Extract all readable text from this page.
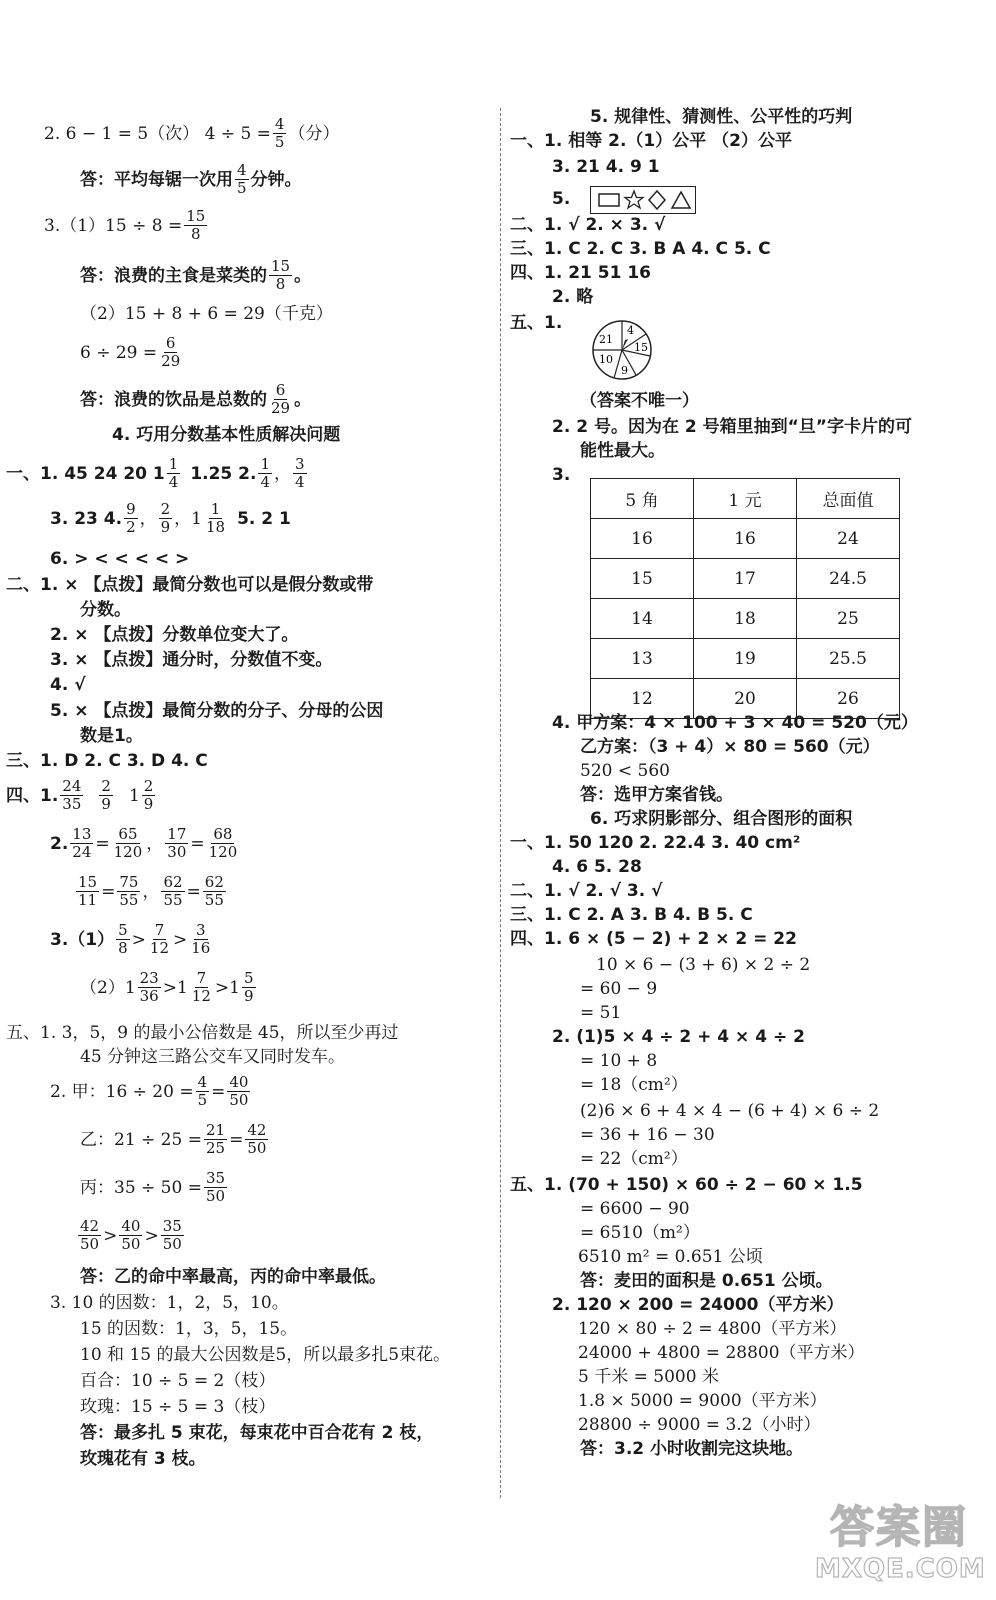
2. 6 − 1 = 5（次） $4 \div 5 = \frac{4}{5}$ （分）
答：平均每锯一次用 4
5 分钟。
$3.(1)15 \div 8 = \frac{15}{8}$
答：浪费的主食是菜类的 15
8 。
（2）15 + 8 + 6 = 29（千克）
$6 \div 29 = \frac{6}{29}$
答：浪费的饮品是总数的 6
29 。
4. 巧用分数基本性质解决问题
一、1. 45 24 20 1 1
4 1.25 2. 1
4 ， 3
4
3. 23 4. 9
2 ， 2
9 ， 1 1
18 5. 2 1
6. > < < < < >
二、1. × 【点拨】最简分数也可以是假分数或带
分数。
2. × 【点拨】分数单位变大了。
3. × 【点拨】通分时，分数值不变。
4. √
5. × 【点拨】最简分数的分子、分母的公因
数是1。
三、1. D 2. C 3. D 4. C
四、1. 24
35
2
9 1 2
9
2. 13
24 = 65
120 ， 17
30 = 68
120
15
11 = 75
55 ， 62
55 = 62
55
3.（1） 5
8 > 7
12 > 3
16
（2）1 23
36 >1 7
12 >1 5
9
五、1. 3，5，9 的最小公倍数是 45，所以至少再过
45 分钟这三路公交车又同时发车。
2. 甲：$16 \div 20 = \frac{4}{5} = 40$
50
乙：$21 \div 25 = \frac{21}{25} = 42$
50
丙：$35 \div 50 = \frac{35}{50}$
42
50 > 40
50 > 35
50
答：乙的命中率最高，丙的命中率最低。
3. 10 的因数：1，2，5，10。
15 的因数：1，3，5，15。
10 和 15 的最大公因数是5，所以最多扎5束花。
百合：10 ÷ 5 = 2（枝）
玫瑰：15 ÷ 5 = 3（枝）
答：最多扎 5 束花，每束花中百合花有 2 枝，
玫瑰花有 3 枝。
5. 规律性、猜测性、公平性的巧判
一、1. 相等 2.（1）公平 （2）公平
3. 21 4. 9 1
5.
二、1. √ 2. × 3. √
三、1. C 2. C 3. B A 4. C 5. C
四、1. 21 51 16
2. 略
五、1.	4
15
21
10
9
（答案不唯一）
2. 2 号。因为在 2 号箱里抽到“旦”字卡片的可
能性最大。
3.
5 角	1 元	总面值
16	16	24
15	17	24.5
14	18	25
13	19	25.5
12	20	26
4. 甲方案：4 × 100 + 3 × 40 = 520（元）
乙方案：（3 + 4）× 80 = 560（元）
520 < 560
答：选甲方案省钱。
6. 巧求阴影部分、组合图形的面积
一、1. 50 120 2. 22.4 3. 40 cm²
4. 6 5. 28
二、1. √ 2. √ 3. √
三、1. C 2. A 3. B 4. B 5. C
四、1. 6 × (5 − 2) + 2 × 2 = 22
10 × 6 − (3 + 6) × 2 ÷ 2
= 60 − 9
= 51
2. (1)5 × 4 ÷ 2 + 4 × 4 ÷ 2
= 10 + 8
= 18（cm²）
(2)6 × 6 + 4 × 4 − (6 + 4) × 6 ÷ 2
= 36 + 16 − 30
= 22（cm²）
五、1. (70 + 150) × 60 ÷ 2 − 60 × 1.5
= 6600 − 90
= 6510（m²）
6510 m² = 0.651 公顷
答：麦田的面积是 0.651 公顷。
2. 120 × 200 = 24000（平方米）
120 × 80 ÷ 2 = 4800（平方米）
24000 + 4800 = 28800（平方米）
5 千米 = 5000 米
1.8 × 5000 = 9000（平方米）
28800 ÷ 9000 = 3.2（小时）
答：3.2 小时收割完这块地。
答案圈
MXQE.COM
